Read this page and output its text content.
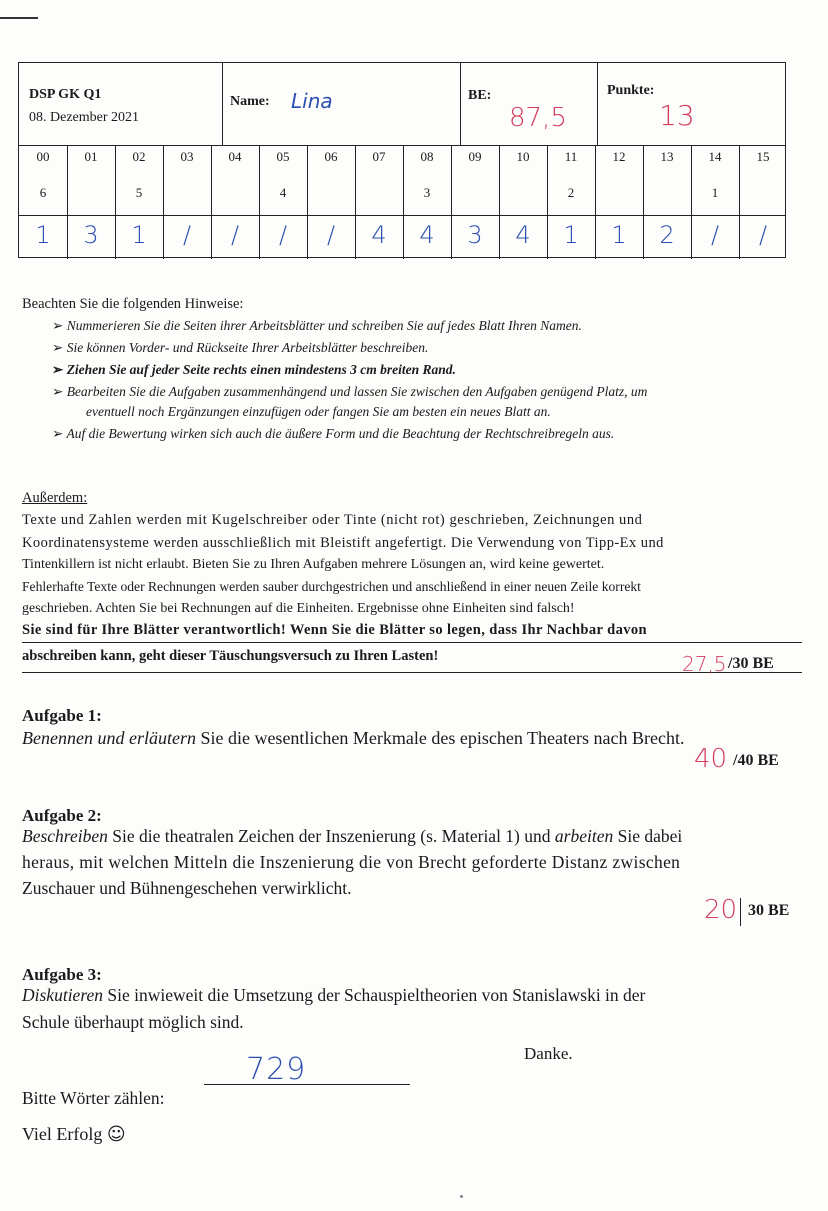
DSP GK Q1
08. Dezember 2021
Name: Lina	BE:
87,5
Punkte:
13
00
6
1
01
3
02
5
1
03
/
04
/
05
4
/
06
/
07
4
08
3
4
09
3
10
4
11
2
1
12
1
13
2
14
1
/
15
/
Beachten Sie die folgenden Hinweise:
➢ Nummerieren Sie die Seiten ihrer Arbeitsblätter und schreiben Sie auf jedes Blatt Ihren Namen.
➢ Sie können Vorder- und Rückseite Ihrer Arbeitsblätter beschreiben.
➢ Ziehen Sie auf jeder Seite rechts einen mindestens 3 cm breiten Rand.
➢ Bearbeiten Sie die Aufgaben zusammenhängend und lassen Sie zwischen den Aufgaben genügend Platz, um
eventuell noch Ergänzungen einzufügen oder fangen Sie am besten ein neues Blatt an.
➢ Auf die Bewertung wirken sich auch die äußere Form und die Beachtung der Rechtschreibregeln aus.
Außerdem:
Texte und Zahlen werden mit Kugelschreiber oder Tinte (nicht rot) geschrieben, Zeichnungen und
Koordinatensysteme werden ausschließlich mit Bleistift angefertigt. Die Verwendung von Tipp-Ex und
Tintenkillern ist nicht erlaubt. Bieten Sie zu Ihren Aufgaben mehrere Lösungen an, wird keine gewertet.
Fehlerhafte Texte oder Rechnungen werden sauber durchgestrichen und anschließend in einer neuen Zeile korrekt
geschrieben. Achten Sie bei Rechnungen auf die Einheiten. Ergebnisse ohne Einheiten sind falsch!
Sie sind für Ihre Blätter verantwortlich! Wenn Sie die Blätter so legen, dass Ihr Nachbar davon
abschreiben kann, geht dieser Täuschungsversuch zu Ihren Lasten!	27,5 /30 BE
Aufgabe 1:
Benennen und erläutern Sie die wesentlichen Merkmale des epischen Theaters nach Brecht.
40 /40 BE
Aufgabe 2:
Beschreiben Sie die theatralen Zeichen der Inszenierung (s. Material 1) und arbeiten Sie dabei
heraus, mit welchen Mitteln die Inszenierung die von Brecht geforderte Distanz zwischen
Zuschauer und Bühnengeschehen verwirklicht.
20 30 BE
Aufgabe 3:
Diskutieren Sie inwieweit die Umsetzung der Schauspieltheorien von Stanislawski in der
Schule überhaupt möglich sind.
Danke.
Bitte Wörter zählen:
729
Viel Erfolg ☺
